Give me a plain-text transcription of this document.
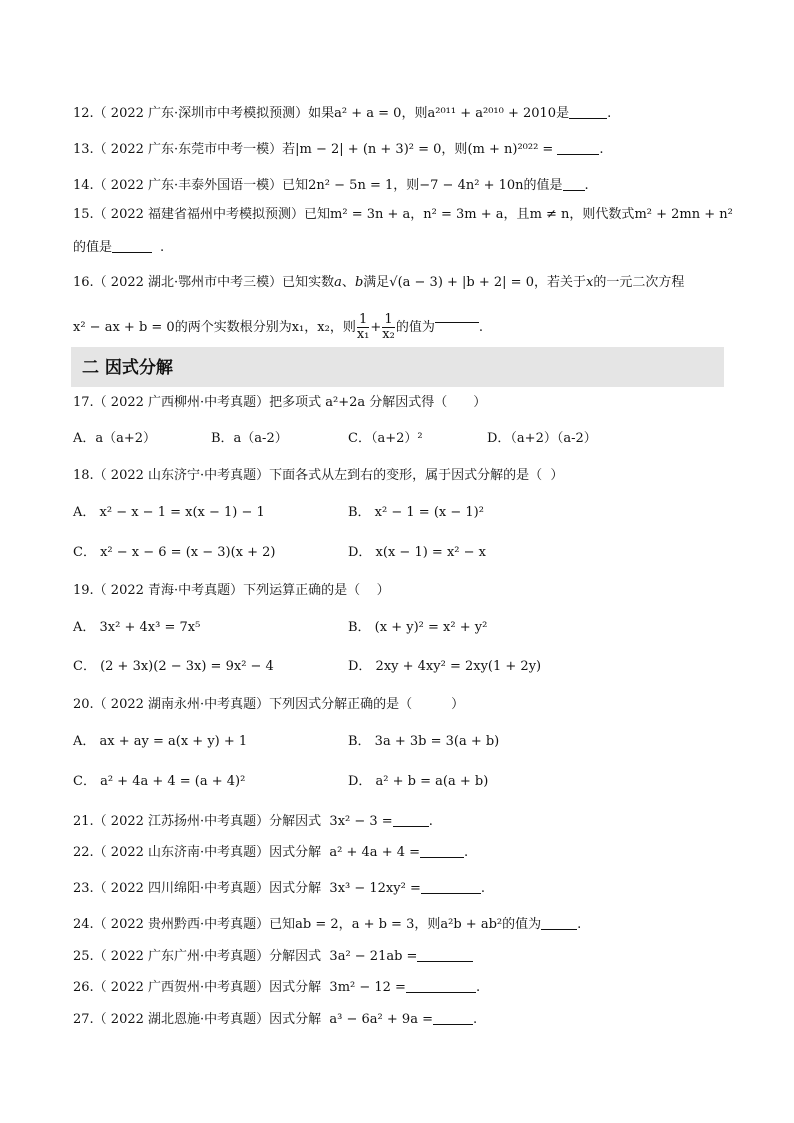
12.（ 2022 广东·深圳市中考模拟预测）如果a² + a = 0，则a²⁰¹¹ + a²⁰¹⁰ + 2010是	.
13.（ 2022 广东·东莞市中考一模）若|m − 2| + (n + 3)² = 0，则(m + n)²⁰²² =	.
14.（ 2022 广东·丰泰外国语一模）已知2n² − 5n = 1，则−7 − 4n² + 10n的值是 .
15.（ 2022 福建省福州中考模拟预测）已知m² = 3n + a，n² = 3m + a，且m ≠ n，则代数式m² + 2mn + n²
的值是	.
16.（ 2022 湖北·鄂州市中考三模）已知实数a、b满足√(a − 3) + |b + 2| = 0，若关于x的一元二次方程
x² − ax + b = 0的两个实数根分别为x₁，x₂，则 $\frac{1}{\text{x₁}} + \frac{1}{\text{x₂}}$ 的值为	.
二 因式分解
17.（ 2022 广西柳州·中考真题）把多项式 a²+2a 分解因式得（　　）
A．a（a+2）	B．a（a-2）	C．（a+2）²	D．（a+2）（a-2）
18.（ 2022 山东济宁·中考真题）下面各式从左到右的变形，属于因式分解的是（  ）
A． x² − x − 1 = x(x − 1) − 1	B． x² − 1 = (x − 1)²
C． x² − x − 6 = (x − 3)(x + 2)	D． x(x − 1) = x² − x
19.（ 2022 青海·中考真题）下列运算正确的是（    ）
A． 3x² + 4x³ = 7x⁵	B． (x + y)² = x² + y²
C． (2 + 3x)(2 − 3x) = 9x² − 4	D． 2xy + 4xy² = 2xy(1 + 2y)
20.（ 2022 湖南永州·中考真题）下列因式分解正确的是（　　　）
A． ax + ay = a(x + y) + 1	B． 3a + 3b = 3(a + b)
C． a² + 4a + 4 = (a + 4)²	D． a² + b = a(a + b)
21.（ 2022 江苏扬州·中考真题）分解因式  3x² − 3 =	.
22.（ 2022 山东济南·中考真题）因式分解  a² + 4a + 4 =	.
23.（ 2022 四川绵阳·中考真题）因式分解  3x³ − 12xy² =	.
24.（ 2022 贵州黔西·中考真题）已知ab = 2，a + b = 3，则a²b + ab²的值为	.
25.（ 2022 广东广州·中考真题）分解因式  3a² − 21ab =
26.（ 2022 广西贺州·中考真题）因式分解  3m² − 12 =	.
27.（ 2022 湖北恩施·中考真题）因式分解  a³ − 6a² + 9a =	.
